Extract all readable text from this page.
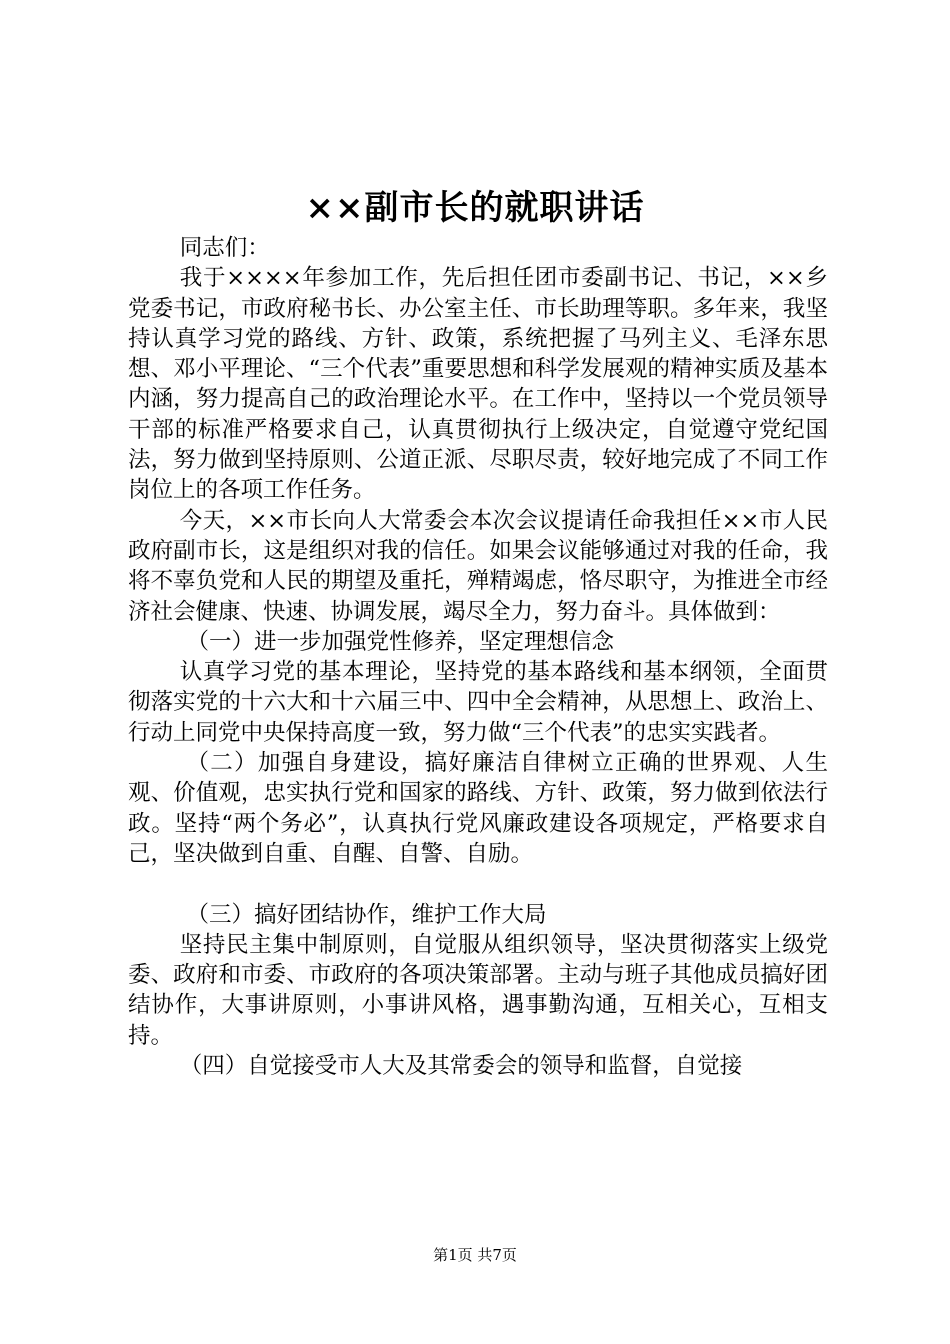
××副市长的就职讲话

同志们：

我于××××年参加工作，先后担任团市委副书记、书记，××乡党委书记，市政府秘书长、办公室主任、市长助理等职。多年来，我坚持认真学习党的路线、方针、政策，系统把握了马列主义、毛泽东思想、邓小平理论、“三个代表”重要思想和科学发展观的精神实质及基本内涵，努力提高自己的政治理论水平。在工作中，坚持以一个党员领导干部的标准严格要求自己，认真贯彻执行上级决定，自觉遵守党纪国法，努力做到坚持原则、公道正派、尽职尽责，较好地完成了不同工作岗位上的各项工作任务。

今天，××市长向人大常委会本次会议提请任命我担任××市人民政府副市长，这是组织对我的信任。如果会议能够通过对我的任命，我将不辜负党和人民的期望及重托，殚精竭虑，恪尽职守，为推进全市经济社会健康、快速、协调发展，竭尽全力，努力奋斗。具体做到：

（一）进一步加强党性修养，坚定理想信念

认真学习党的基本理论，坚持党的基本路线和基本纲领，全面贯彻落实党的十六大和十六届三中、四中全会精神，从思想上、政治上、行动上同党中央保持高度一致，努力做“三个代表”的忠实实践者。

（二）加强自身建设，搞好廉洁自律树立正确的世界观、人生观、价值观，忠实执行党和国家的路线、方针、政策，努力做到依法行政。坚持“两个务必”，认真执行党风廉政建设各项规定，严格要求自己，坚决做到自重、自醒、自警、自励。

（三）搞好团结协作，维护工作大局

坚持民主集中制原则，自觉服从组织领导，坚决贯彻落实上级党委、政府和市委、市政府的各项决策部署。主动与班子其他成员搞好团结协作，大事讲原则，小事讲风格，遇事勤沟通，互相关心，互相支持。

（四）自觉接受市人大及其常委会的领导和监督，自觉接

第1页 共7页
